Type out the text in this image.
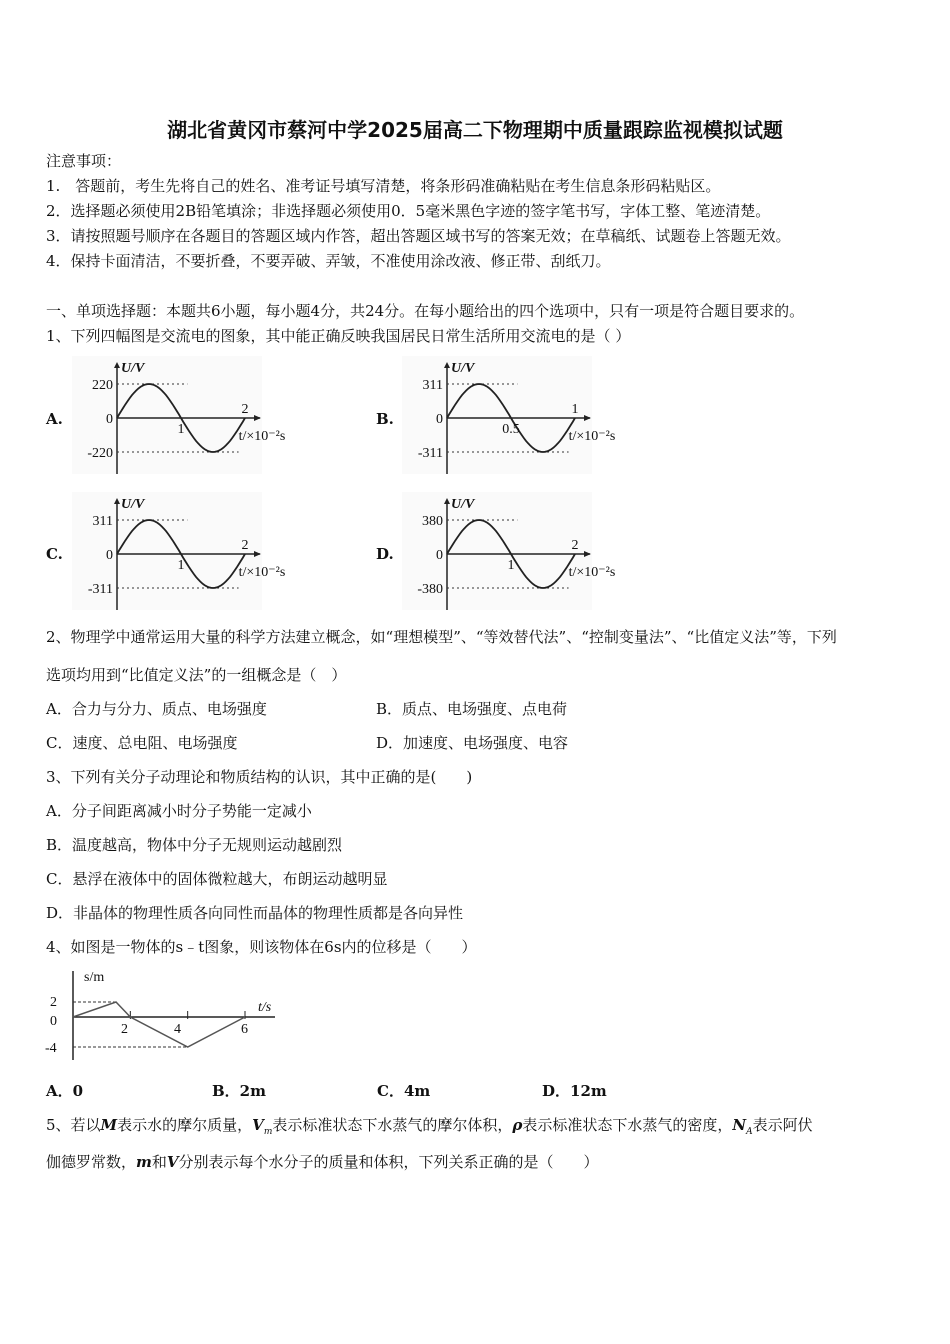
湖北省黄冈市蔡河中学2025届高二下物理期中质量跟踪监视模拟试题
注意事项：
1.　答题前，考生先将自己的姓名、准考证号填写清楚，将条形码准确粘贴在考生信息条形码粘贴区。
2．选择题必须使用2B铅笔填涂；非选择题必须使用0．5毫米黑色字迹的签字笔书写，字体工整、笔迹清楚。
3．请按照题号顺序在各题目的答题区域内作答，超出答题区域书写的答案无效；在草稿纸、试题卷上答题无效。
4．保持卡面清洁，不要折叠，不要弄破、弄皱，不准使用涂改液、修正带、刮纸刀。
一、单项选择题：本题共6小题，每小题4分，共24分。在每小题给出的四个选项中，只有一项是符合题目要求的。
1、下列四幅图是交流电的图象，其中能正确反映我国居民日常生活所用交流电的是（ ）
A.
U/V
220
-220
0
1
2
t/×10⁻²s
B.
U/V
311
-311
0
0.5
1
t/×10⁻²s
C.
U/V
311
-311
0
1
2
t/×10⁻²s
D.
U/V
380
-380
0
1
2
t/×10⁻²s
2、物理学中通常运用大量的科学方法建立概念，如“理想模型”、“等效替代法”、“控制变量法”、“比值定义法”等，下列
选项均用到“比值定义法”的一组概念是（　）
A．合力与分力、质点、电场强度	B．质点、电场强度、点电荷
C．速度、总电阻、电场强度	D．加速度、电场强度、电容
3、下列有关分子动理论和物质结构的认识，其中正确的是(　　)
A．分子间距离减小时分子势能一定减小
B．温度越高，物体中分子无规则运动越剧烈
C．悬浮在液体中的固体微粒越大，布朗运动越明显
D．非晶体的物理性质各向同性而晶体的物理性质都是各向异性
4、如图是一物体的s﹣t图象，则该物体在6s内的位移是（　　）
s/m
t/s
2
0
-4
2	4	6
A．0	B．2m	C．4m	D．12m
5、若以M表示水的摩尔质量，$V_m$表示标准状态下水蒸气的摩尔体积，ρ表示标准状态下水蒸气的密度，$N_A$表示阿伏
伽德罗常数，m和V分别表示每个水分子的质量和体积，下列关系正确的是（　　）
